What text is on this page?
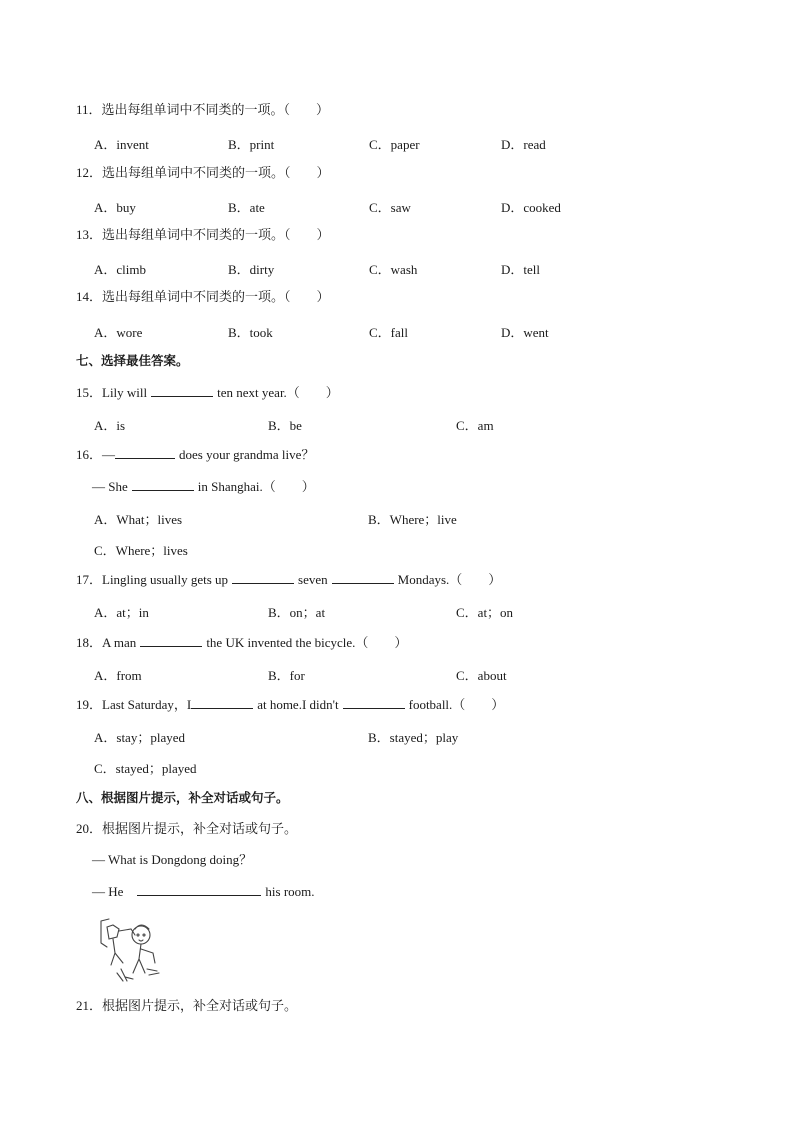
11．选出每组单词中不同类的一项。（　　）
A．invent	B．print	C．paper	D．read
12．选出每组单词中不同类的一项。（　　）
A．buy	B．ate	C．saw	D．cooked
13．选出每组单词中不同类的一项。（　　）
A．climb	B．dirty	C．wash	D．tell
14．选出每组单词中不同类的一项。（　　）
A．wore	B．took	C．fall	D．went
七、选择最佳答案。
15．Lily will	ten next year.（　　）
A．is	B．be	C．am
16．—	does your grandma live？
— She	in Shanghai.（　　）
A．What；lives	B．Where；live
C．Where；lives
17．Lingling usually gets up	seven	Mondays.（　　）
A．at；in	B．on；at	C．at；on
18．A man	the UK invented the bicycle.（　　）
A．from	B．for	C．about
19．Last Saturday，I	at home.I didn't	football.（　　）
A．stay；played	B．stayed；play
C．stayed；played
八、根据图片提示，补全对话或句子。
20．根据图片提示，补全对话或句子。
— What is Dongdong doing？
— He	his room.
21．根据图片提示，补全对话或句子。
